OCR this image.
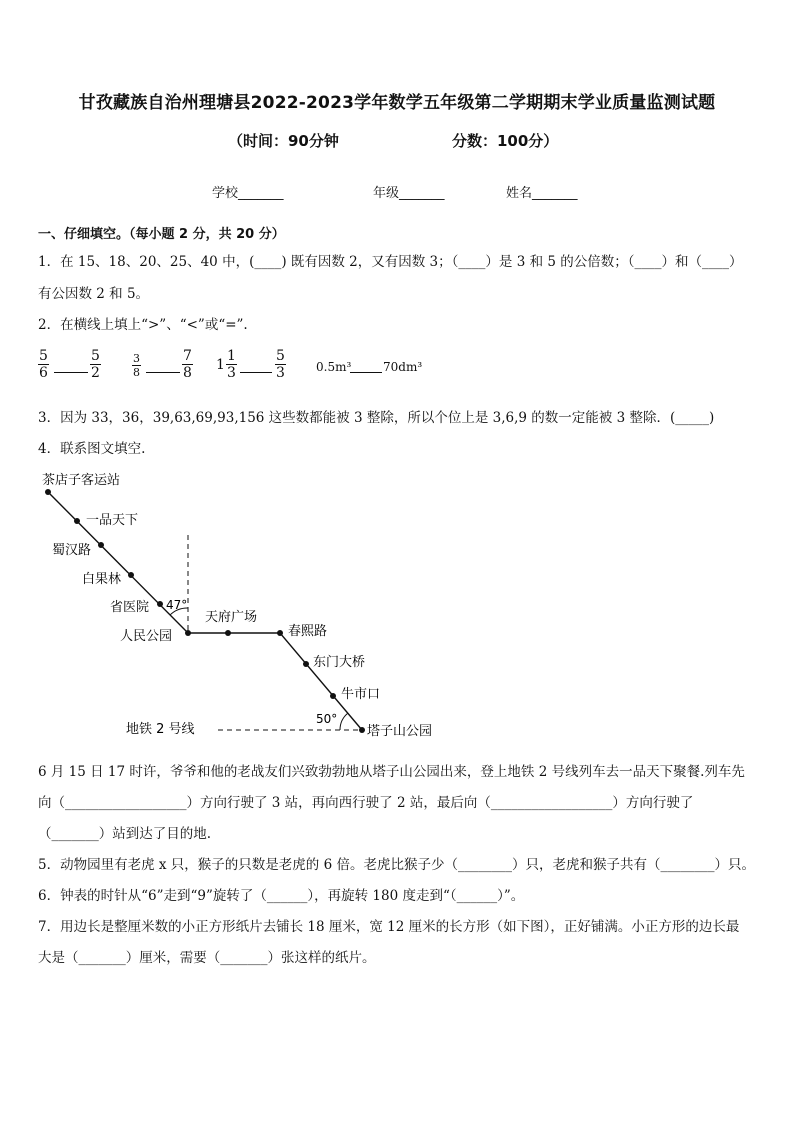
甘孜藏族自治州理塘县2022-2023学年数学五年级第二学期期末学业质量监测试题
（时间：90分钟	分数：100分）
学校_______	年级_______	姓名_______
一、仔细填空。（每小题 2 分，共 20 分）
1．在 15、18、20、25、40 中，(____) 既有因数 2，又有因数 3；（____）是 3 和 5 的公倍数；（____）和（____）
有公因数 2 和 5。
2．在横线上填上“>”、“<”或“=”.
$\frac{5}{6}$	$\frac{5}{2}$	$\frac{3}{8}$	$\frac{7}{8} 1 \frac{1}{3}$	$\frac{5}{3}$	0.5m³	70dm³
3．因为 33，36，39,63,69,93,156 这些数都能被 3 整除，所以个位上是 3,6,9 的数一定能被 3 整除．(_____)
4．联系图文填空.
茶店子客运站
一品天下
蜀汉路
白果林
省医院
人民公园
天府广场
春熙路
东门大桥
牛市口
塔子山公园
47°
50°
地铁 2 号线
6 月 15 日 17 时许，爷爷和他的老战友们兴致勃勃地从塔子山公园出来，登上地铁 2 号线列车去一品天下聚餐.列车先
向（__________________）方向行驶了 3 站，再向西行驶了 2 站，最后向（__________________）方向行驶了
（_______）站到达了目的地.
5．动物园里有老虎 x 只，猴子的只数是老虎的 6 倍。老虎比猴子少（________）只，老虎和猴子共有（________）只。
6．钟表的时针从“6”走到“9”旋转了（______），再旋转 180 度走到“（______）”。
7．用边长是整厘米数的小正方形纸片去铺长 18 厘米，宽 12 厘米的长方形（如下图），正好铺满。小正方形的边长最
大是（_______）厘米，需要（_______）张这样的纸片。
